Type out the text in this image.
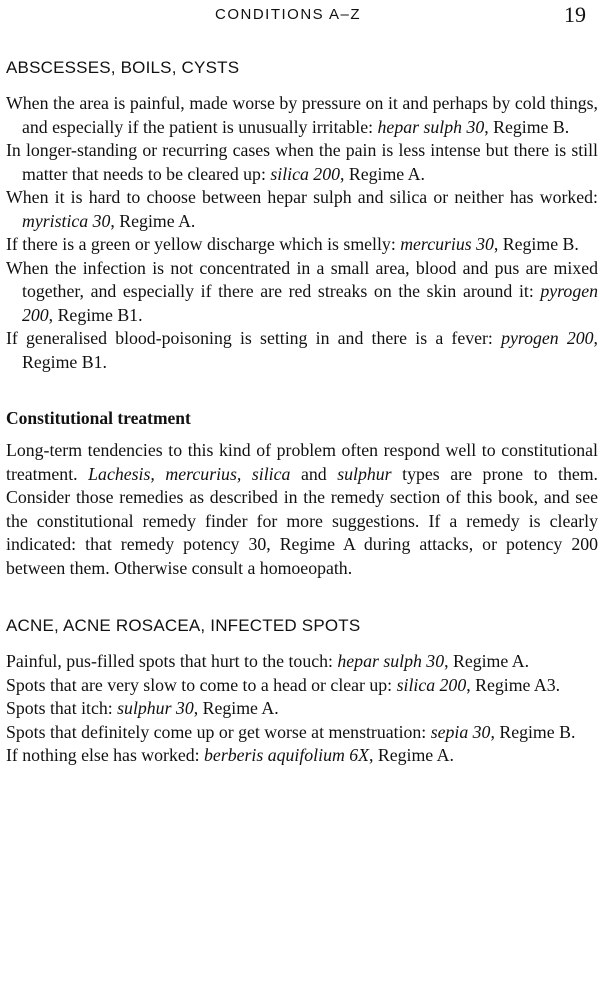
CONDITIONS A–Z	19
ABSCESSES, BOILS, CYSTS

When the area is painful, made worse by pressure on it and perhaps by cold things, and especially if the patient is unusually irritable: hepar sulph 30, Regime B.

In longer-standing or recurring cases when the pain is less intense but there is still matter that needs to be cleared up: silica 200, Regime A.

When it is hard to choose between hepar sulph and silica or neither has worked: myristica 30, Regime A.

If there is a green or yellow discharge which is smelly: mercurius 30, Regime B.

When the infection is not concentrated in a small area, blood and pus are mixed together, and especially if there are red streaks on the skin around it: pyrogen 200, Regime B1.

If generalised blood-poisoning is setting in and there is a fever: pyrogen 200, Regime B1.

Constitutional treatment

Long-term tendencies to this kind of problem often respond well to constitutional treatment. Lachesis, mercurius, silica and sulphur types are prone to them. Consider those remedies as described in the remedy section of this book, and see the constitutional remedy finder for more suggestions. If a remedy is clearly indicated: that remedy potency 30, Regime A during attacks, or potency 200 between them. Otherwise consult a homoeopath.

ACNE, ACNE ROSACEA, INFECTED SPOTS

Painful, pus-filled spots that hurt to the touch: hepar sulph 30, Regime A.

Spots that are very slow to come to a head or clear up: silica 200, Regime A3.

Spots that itch: sulphur 30, Regime A.

Spots that definitely come up or get worse at menstruation: sepia 30, Regime B.

If nothing else has worked: berberis aquifolium 6X, Regime A.
